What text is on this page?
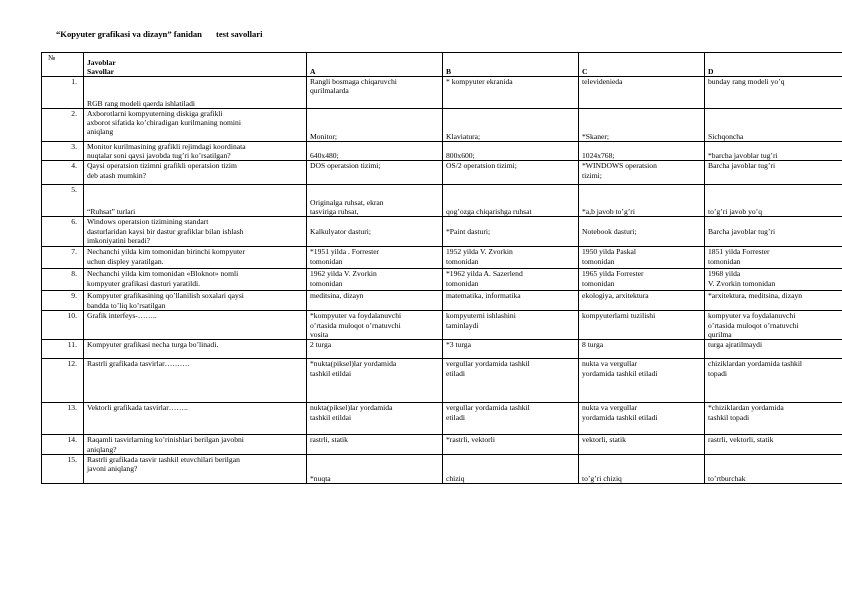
“Kopyuter grafikasi va dizayn” fanidan test savollari
№	Javoblar
Savollar	A	B	C	D
1.	RGB rang modeli qaerda ishlatiladi	Rangli bosmaga chiqaruvchi
qurilmalarda	* kompyuter ekranida	televidenieda	bunday rang modeli yo’q
2.	Axborotlarni kompyuterning diskiga grafikli
axborot sifatida ko’chiradigan kurilmaning nomini
aniqlang	Monitor;	Klaviatura;	*Skaner;	Sichqoncha
3.	Monitor kurilmasining grafikli rejimdagi koordinata
nuqtalar soni qaysi javobda tug’ri ko’rsatilgan?	640x480;	800x600;	1024x768;	*barcha javoblar tug’ri
4.	Qaysi operatsion tizimni grafikli operatsion tizim
deb atash mumkin?	DOS operatsion tizimi;	OS/2 operatsion tizimi;	*WINDOWS operatsion
tizimi;	Barcha javoblar tug’ri
5.	“Ruhsat” turlari	Originalga ruhsat, ekran
tasviriga ruhsat,	qog’ozga chiqarishga ruhsat	*a,b javob to’g’ri	to’g’ri javob yo’q
6.	Windows operatsion tizimining standart
dasturlaridan kaysi bir dastur grafiklar bilan ishlash
imkoniyatini beradi?	Kalkulyator dasturi;	*Paint dasturi;	Notebook dasturi;	Barcha javoblar tug’ri
7.	Nechanchi yilda kim tomonidan birinchi kompyuter
uchun displey yaratilgan.	*1951 yilda . Forrester
tomonidan	1952 yilda V. Zvorkin
tomonidan	1950 yilda Paskal
tomonidan	1851 yilda Forrester
tomonidan
8.	Nechanchi yilda kim tomonidan «Bloknot» nomli
kompyuter grafikasi dasturi yaratildi.	1962 yilda V. Zvorkin
tomonidan	*1962 yilda A. Sazerlend
tomonidan	1965 yilda Forrester
tomonidan	1968 yilda
V. Zvorkin tomonidan
9.	Kompyuter grafikasining qo’llanilish soxalari qaysi
bandda to’liq ko’rsatilgan	meditsina, dizayn	matematika, informatika	ekologiya, arxitektura	*arxitektura, meditsina, dizayn
10.	Grafik interfeys-……..	*kompyuter va foydalanuvchi
o’rtasida muloqot o’rnatuvchi
vosita	kompyuterni ishlashini
taminlaydi	kompyuterlarni tuzilishi	kompyuter va foydalanuvchi
o’rtasida muloqot o’rnatuvchi
qurilma
11.	Kompyuter grafikasi necha turga bo’linadi.	2 turga	*3 turga	8 turga	turga ajratilmaydi
12.	Rastrli grafikada tasvirlar……….	*nukta(piksel)lar yordamida
tashkil etildai	vergullar yordamida tashkil
etiladi	nukta va vergullar
yordamida tashkil etiladi	chiziklardan yordamida tashkil
topadi
13.	Vektorli grafikada tasvirlar……..	nukta(piksel)lar yordamida
tashkil etildai	vergullar yordamida tashkil
etiladi	nukta va vergullar
yordamida tashkil etiladi	*chiziklardan yordamida
tashkil topadi
14.	Raqamli tasvirlarning ko’rinishlari berilgan javobni
aniqlang?	rastrli, statik	*rastrli, vektorli	vektorli, statik	rastrli, vektorli, statik
15.	Rastrli grafikada tasvir tashkil etuvchilari berilgan
javoni aniqlang?	*nuqta	chiziq	to’g’ri chiziq	to’rtburchak
